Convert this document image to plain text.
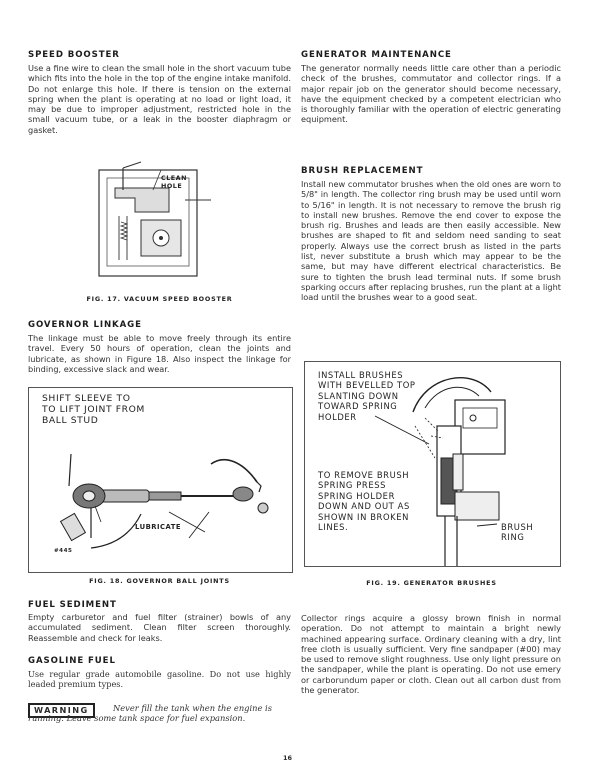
SPEED BOOSTER

Use a fine wire to clean the small hole in the short vacuum tube which fits into the hole in the top of the engine intake manifold. Do not enlarge this hole. If there is tension on the external spring when the plant is operating at no load or light load, it may be due to improper adjustment, restricted hole in the small vacuum tube, or a leak in the booster diaphragm or gasket.

CLEAN HOLE
FIG. 17. VACUUM SPEED BOOSTER
GOVERNOR LINKAGE

The linkage must be able to move freely through its entire travel. Every 50 hours of operation, clean the joints and lubricate, as shown in Figure 18. Also inspect the linkage for binding, excessive slack and wear.

SHIFT SLEEVE TO
TO LIFT JOINT FROM
BALL STUD
LUBRICATE
#445
FIG. 18. GOVERNOR BALL JOINTS
FUEL SEDIMENT

Empty carburetor and fuel filter (strainer) bowls of any accumulated sediment. Clean filter screen thoroughly. Reassemble and check for leaks.

GASOLINE FUEL

Use regular grade automobile gasoline. Do not use highly leaded premium types.

WARNING	Never fill the tank when the engine is running. Leave some tank space for fuel expansion.
GENERATOR MAINTENANCE

The generator normally needs little care other than a periodic check of the brushes, commutator and collector rings. If a major repair job on the generator should become necessary, have the equipment checked by a competent electrician who is thoroughly familiar with the operation of electric generating equipment.

BRUSH REPLACEMENT

Install new commutator brushes when the old ones are worn to 5/8" in length. The collector ring brush may be used until worn to 5/16" in length. It is not necessary to remove the brush rig to install new brushes. Remove the end cover to expose the brush rig. Brushes and leads are then easily accessible. New brushes are shaped to fit and seldom need sanding to seat properly. Always use the correct brush as listed in the parts list, never substitute a brush which may appear to be the same, but may have different electrical characteristics. Be sure to tighten the brush lead terminal nuts. If some brush sparking occurs after replacing brushes, run the plant at a light load until the brushes wear to a good seat.

INSTALL BRUSHES
WITH BEVELLED TOP
SLANTING DOWN
TOWARD SPRING
HOLDER
TO REMOVE BRUSH
SPRING PRESS
SPRING HOLDER
DOWN AND OUT AS
SHOWN IN BROKEN
LINES.	BRUSH
RING
FIG. 19. GENERATOR BRUSHES

Collector rings acquire a glossy brown finish in normal operation. Do not attempt to maintain a bright newly machined appearing surface. Ordinary cleaning with a dry, lint free cloth is usually sufficient. Very fine sandpaper (#00) may be used to remove slight roughness. Use only light pressure on the sandpaper, while the plant is operating. Do not use emery or carborundum paper or cloth. Clean out all carbon dust from the generator.

16
